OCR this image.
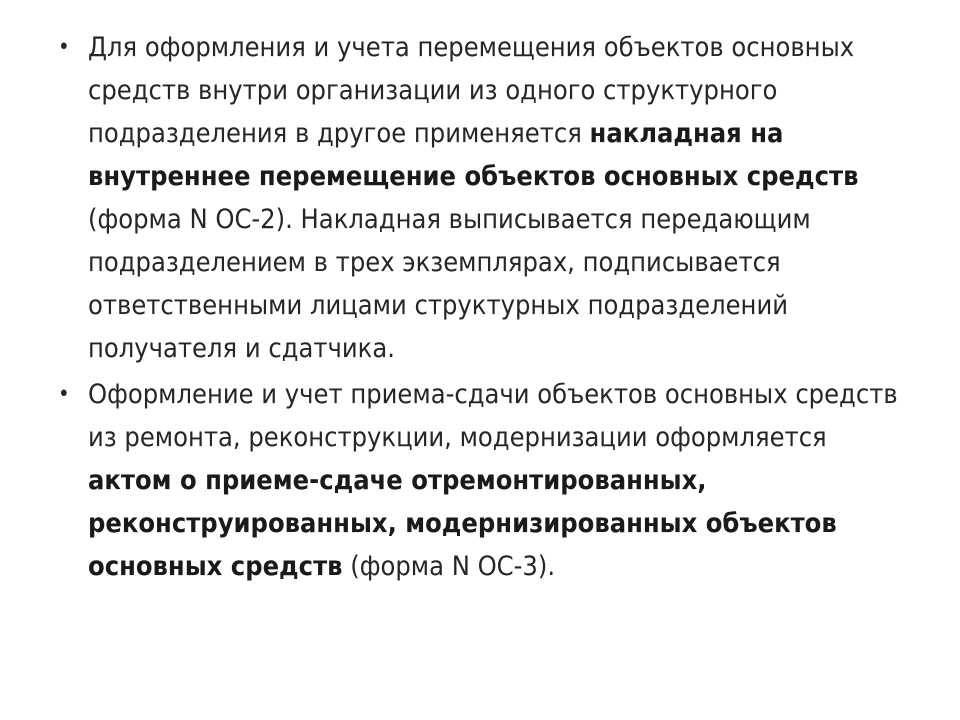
• Для оформления и учета перемещения объектов основных средств внутри организации из одного структурного подразделения в другое применяется накладная на внутреннее перемещение объектов основных средств (форма N ОС-2). Накладная выписывается передающим подразделением в трех экземплярах, подписывается ответственными лицами структурных подразделений получателя и сдатчика.
• Оформление и учет приема-сдачи объектов основных средств из ремонта, реконструкции, модернизации оформляется актом о приеме-сдаче отремонтированных, реконструированных, модернизированных объектов основных средств (форма N ОС-3).
